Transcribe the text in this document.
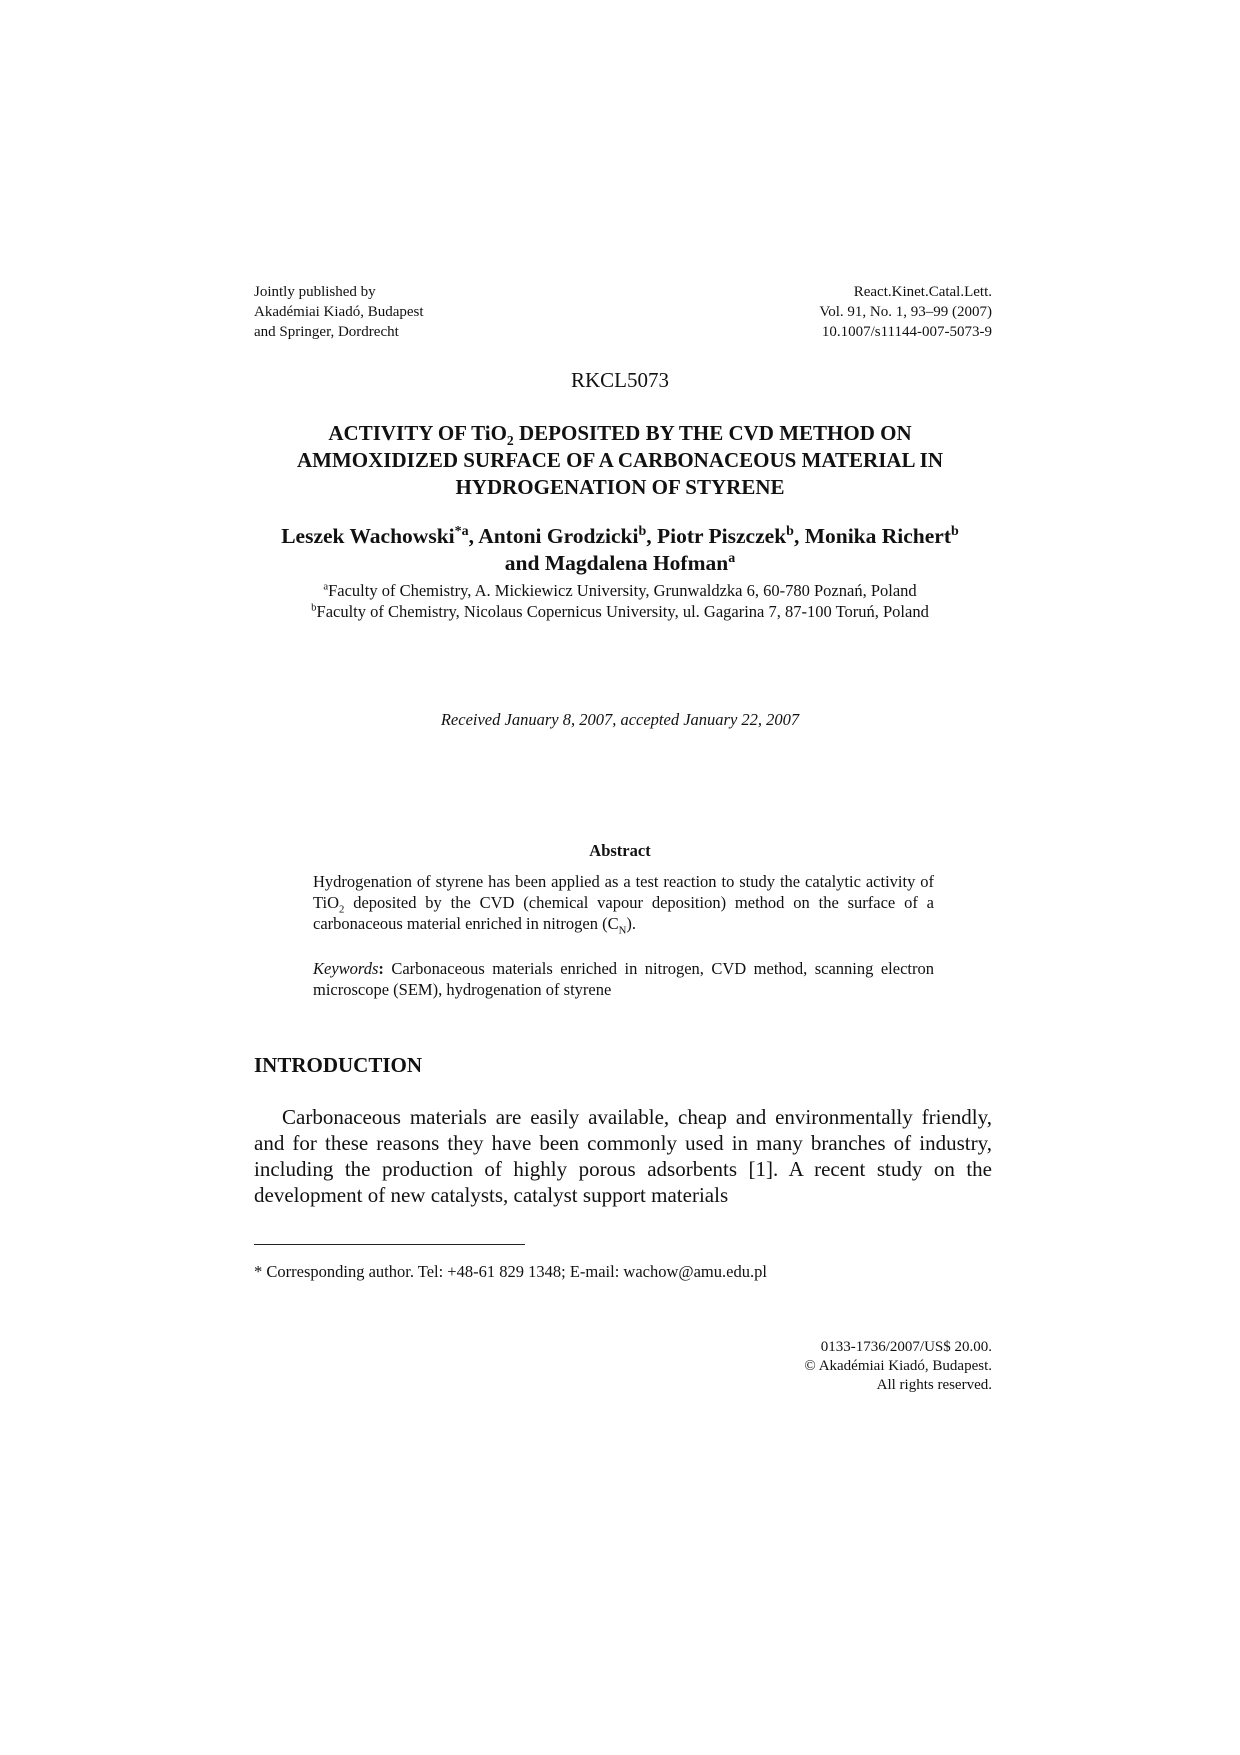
Jointly published by
Akadémiai Kiadó, Budapest
and Springer, Dordrecht
React.Kinet.Catal.Lett.
Vol. 91, No. 1, 93–99 (2007)
10.1007/s11144-007-5073-9
RKCL5073
ACTIVITY OF TiO$_2$ DEPOSITED BY THE CVD METHOD ON
AMMOXIDIZED SURFACE OF A CARBONACEOUS MATERIAL IN
HYDROGENATION OF STYRENE
Leszek Wachowski$^{*a}$, Antoni Grodzicki$^b$, Piotr Piszczek$^b$, Monika Richert$^b$
and Magdalena Hofman$^a$
$^a$Faculty of Chemistry, A. Mickiewicz University, Grunwaldzka 6, 60-780 Poznań, Poland
$^b$Faculty of Chemistry, Nicolaus Copernicus University, ul. Gagarina 7, 87-100 Toruń, Poland
Received January 8, 2007, accepted January 22, 2007
Abstract
Hydrogenation of styrene has been applied as a test reaction to study the catalytic activity of TiO$_2$ deposited by the CVD (chemical vapour deposition) method on the surface of a carbonaceous material enriched in nitrogen $(C_N)$.
Keywords: Carbonaceous materials enriched in nitrogen, CVD method, scanning electron microscope (SEM), hydrogenation of styrene
INTRODUCTION
Carbonaceous materials are easily available, cheap and environmentally friendly, and for these reasons they have been commonly used in many branches of industry, including the production of highly porous adsorbents [1]. A recent study on the development of new catalysts, catalyst support materials
* Corresponding author. Tel: +48-61 829 1348; E-mail: wachow@amu.edu.pl
0133-1736/2007/US$ 20.00.
© Akadémiai Kiadó, Budapest.
All rights reserved.
